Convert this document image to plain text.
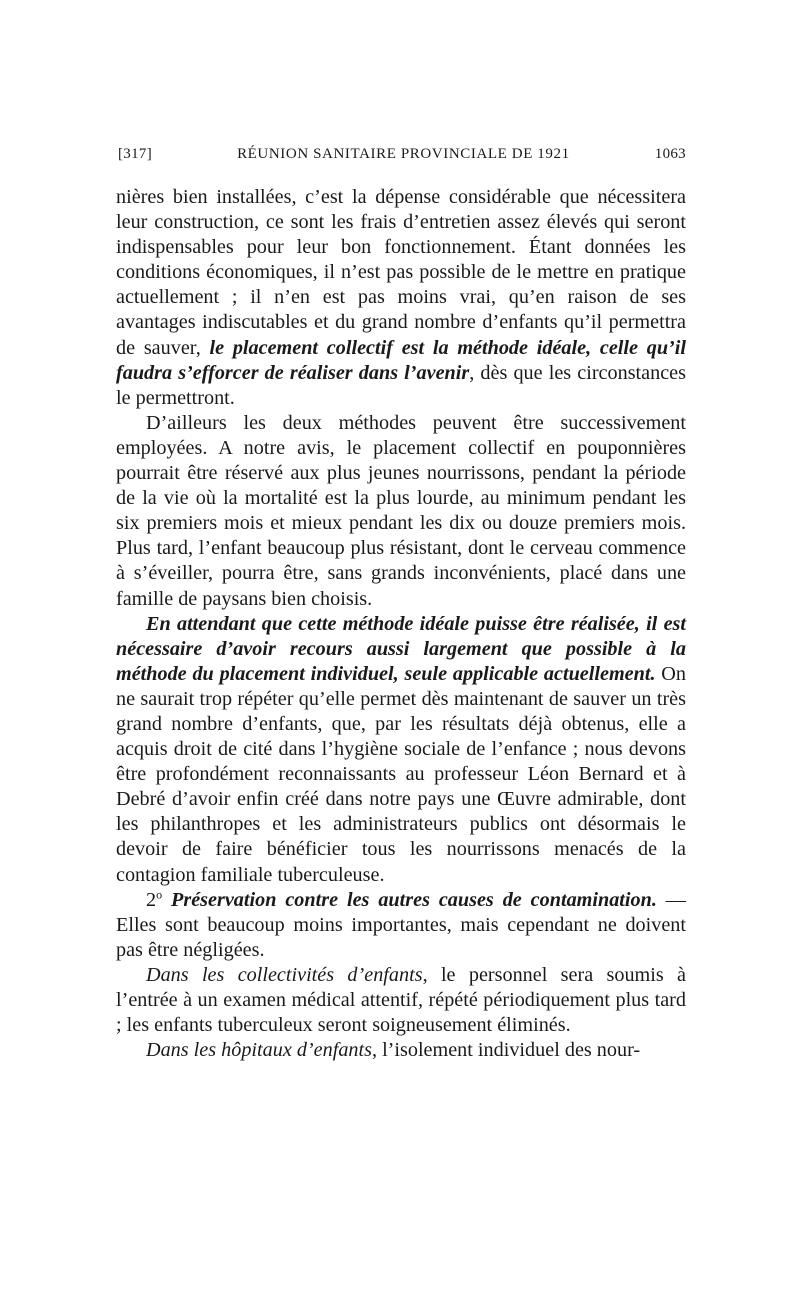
[317]	RÉUNION SANITAIRE PROVINCIALE DE 1921	1063

nières bien installées, c’est la dépense considérable que nécessitera leur construction, ce sont les frais d’entretien assez élevés qui seront indispensables pour leur bon fonctionnement. Étant données les conditions économiques, il n’est pas possible de le mettre en pratique actuellement ; il n’en est pas moins vrai, qu’en raison de ses avantages indiscutables et du grand nombre d’enfants qu’il permettra de sauver, le placement collectif est la méthode idéale, celle qu’il faudra s’efforcer de réaliser dans l’avenir, dès que les circonstances le permettront.

D’ailleurs les deux méthodes peuvent être successivement employées. A notre avis, le placement collectif en pouponnières pourrait être réservé aux plus jeunes nourrissons, pendant la période de la vie où la mortalité est la plus lourde, au minimum pendant les six premiers mois et mieux pendant les dix ou douze premiers mois. Plus tard, l’enfant beaucoup plus résistant, dont le cerveau commence à s’éveiller, pourra être, sans grands inconvénients, placé dans une famille de paysans bien choisis.

En attendant que cette méthode idéale puisse être réalisée, il est nécessaire d’avoir recours aussi largement que possible à la méthode du placement individuel, seule applicable actuellement. On ne saurait trop répéter qu’elle permet dès maintenant de sauver un très grand nombre d’enfants, que, par les résultats déjà obtenus, elle a acquis droit de cité dans l’hygiène sociale de l’enfance ; nous devons être profondément reconnaissants au professeur Léon Bernard et à Debré d’avoir enfin créé dans notre pays une Œuvre admirable, dont les philanthropes et les administrateurs publics ont désormais le devoir de faire bénéficier tous les nourrissons menacés de la contagion familiale tuberculeuse.

2$^o$ Préservation contre les autres causes de contamination. — Elles sont beaucoup moins importantes, mais cependant ne doivent pas être négligées.

Dans les collectivités d’enfants, le personnel sera soumis à l’entrée à un examen médical attentif, répété périodiquement plus tard ; les enfants tuberculeux seront soigneusement éliminés.

Dans les hôpitaux d’enfants, l’isolement individuel des nour-
